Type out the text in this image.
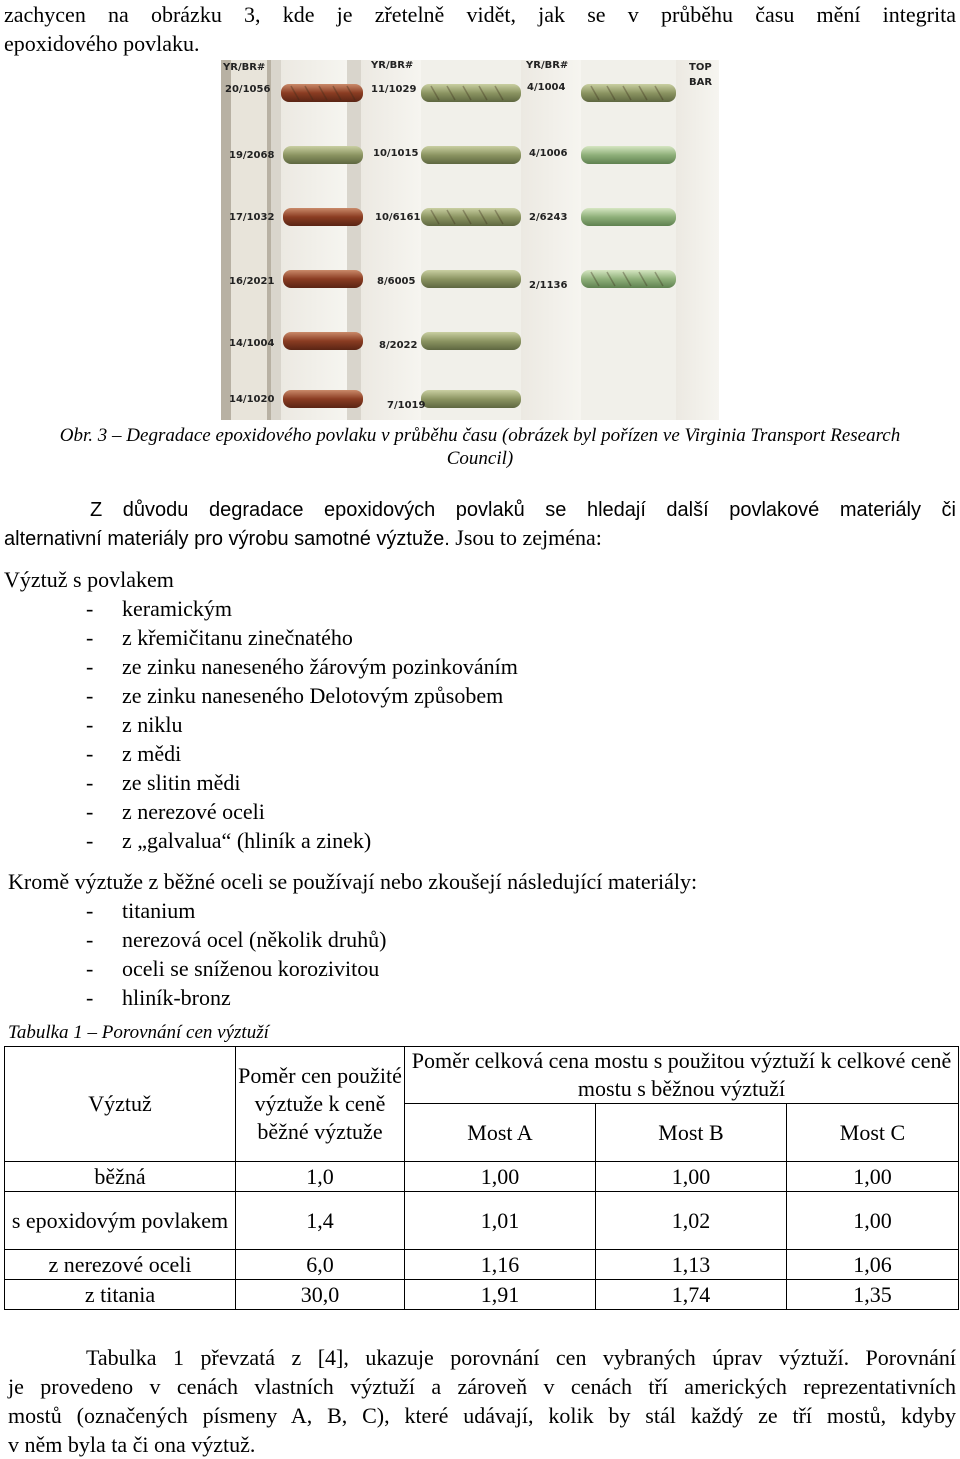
zachycen na obrázku 3, kde je zřetelně vidět, jak se v průběhu času mění integrita
epoxidového povlaku.
YR/BR#	YR/BR#	YR/BR#	TOP
BAR
20/1056
19/2068
17/1032
16/2021
14/1004
14/1020
11/1029
10/1015
10/6161
8/6005
8/2022
7/1019
4/1004
4/1006
2/6243
2/1136
Obr. 3 – Degradace epoxidového povlaku v průběhu času (obrázek byl pořízen ve Virginia Transport Research
Council)
Z důvodu degradace epoxidových povlaků se hledají další povlakové materiály či
alternativní materiály pro výrobu samotné výztuže. Jsou to zejména:
Výztuž s povlakem
- keramickým
- z křemičitanu zinečnatého
- ze zinku naneseného žárovým pozinkováním
- ze zinku naneseného Delotovým způsobem
- z niklu
- z mědi
- ze slitin mědi
- z nerezové oceli
- z „galvalua“ (hliník a zinek)
Kromě výztuže z běžné oceli se používají nebo zkoušejí následující materiály:
- titanium
- nerezová ocel (několik druhů)
- oceli se sníženou korozivitou
- hliník-bronz
Tabulka 1 – Porovnání cen výztuží
Výztuž	Poměr cen použité výztuže k ceně běžné výztuže	Poměr celková cena mostu s použitou výztuží k celkové ceně mostu s běžnou výztuží		
		Most A	Most B	Most C
běžná	1,0	1,00	1,00	1,00
s epoxidovým povlakem	1,4	1,01	1,02	1,00
z nerezové oceli	6,0	1,16	1,13	1,06
z titania	30,0	1,91	1,74	1,35
Tabulka 1 převzatá z [4], ukazuje porovnání cen vybraných úprav výztuží. Porovnání
je provedeno v cenách vlastních výztuží a zároveň v cenách tří amerických reprezentativních
mostů (označených písmeny A, B, C), které udávají, kolik by stál každý ze tří mostů, kdyby
v něm byla ta či ona výztuž.
